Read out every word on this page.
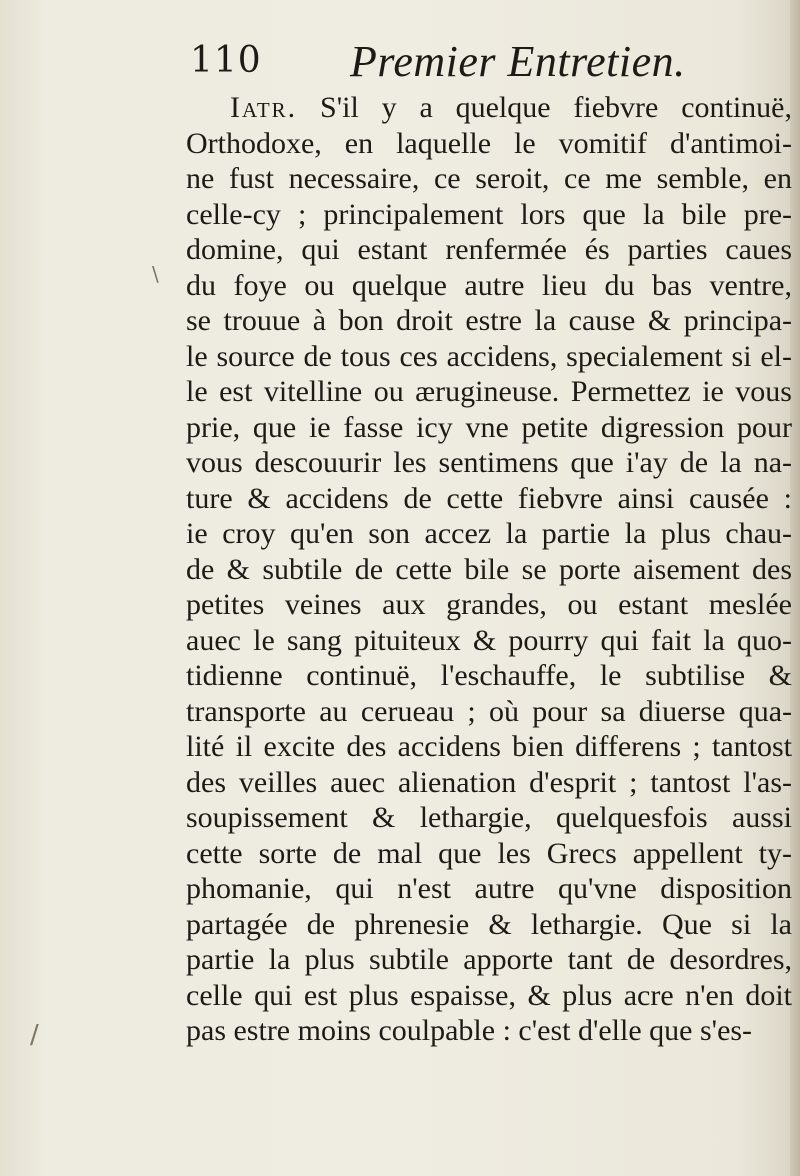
110 Premier Entretien.
\
/
Iatr. S'il y a quelque fiebvre continuë,
Orthodoxe, en laquelle le vomitif d'antimoi-
ne fust necessaire, ce seroit, ce me semble, en
celle-cy ; principalement lors que la bile pre-
domine, qui estant renfermée és parties caues
du foye ou quelque autre lieu du bas ventre,
se trouue à bon droit estre la cause & principa-
le source de tous ces accidens, specialement si el-
le est vitelline ou ærugineuse. Permettez ie vous
prie, que ie fasse icy vne petite digression pour
vous descouurir les sentimens que i'ay de la na-
ture & accidens de cette fiebvre ainsi causée :
ie croy qu'en son accez la partie la plus chau-
de & subtile de cette bile se porte aisement des
petites veines aux grandes, ou estant meslée
auec le sang pituiteux & pourry qui fait la quo-
tidienne continuë, l'eschauffe, le subtilise &
transporte au cerueau ; où pour sa diuerse qua-
lité il excite des accidens bien differens ; tantost
des veilles auec alienation d'esprit ; tantost l'as-
soupissement & lethargie, quelquesfois aussi
cette sorte de mal que les Grecs appellent ty-
phomanie, qui n'est autre qu'vne disposition
partagée de phrenesie & lethargie. Que si la
partie la plus subtile apporte tant de desordres,
celle qui est plus espaisse, & plus acre n'en doit
pas estre moins coulpable : c'est d'elle que s'es-
